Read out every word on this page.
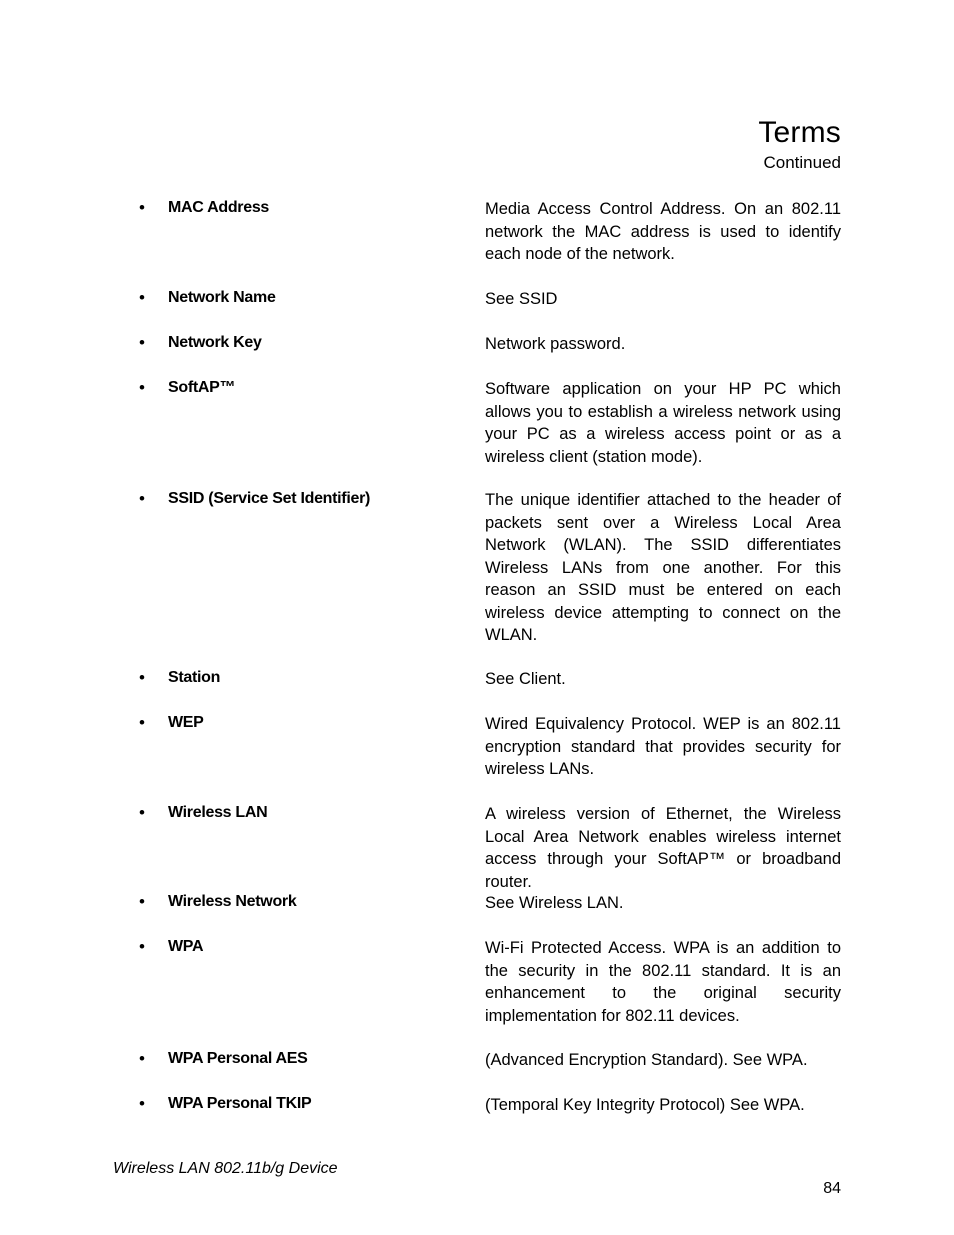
Terms
Continued
• MAC Address	Media Access Control Address. On an 802.11 network the MAC address is used to identify each node of the network.

• Network Name	See SSID

• Network Key	Network password.

• SoftAP™	Software application on your HP PC which allows you to establish a wireless network using your PC as a wireless access point or as a wireless client (station mode).

• SSID (Service Set Identifier)	The unique identifier attached to the header of packets sent over a Wireless Local Area Network (WLAN). The SSID differentiates Wireless LANs from one another. For this reason an SSID must be entered on each wireless device attempting to connect on the WLAN.

• Station	See Client.

• WEP	Wired Equivalency Protocol. WEP is an 802.11 encryption standard that provides security for wireless LANs.

• Wireless LAN	A wireless version of Ethernet, the Wireless Local Area Network enables wireless internet access through your SoftAP™ or broadband router.

• Wireless Network	See Wireless LAN.

• WPA	Wi-Fi Protected Access. WPA is an addition to the security in the 802.11 standard. It is an enhancement to the original security implementation for 802.11 devices.

• WPA Personal AES	(Advanced Encryption Standard). See WPA.

• WPA Personal TKIP	(Temporal Key Integrity Protocol) See WPA.

Wireless LAN 802.11b/g Device
84
